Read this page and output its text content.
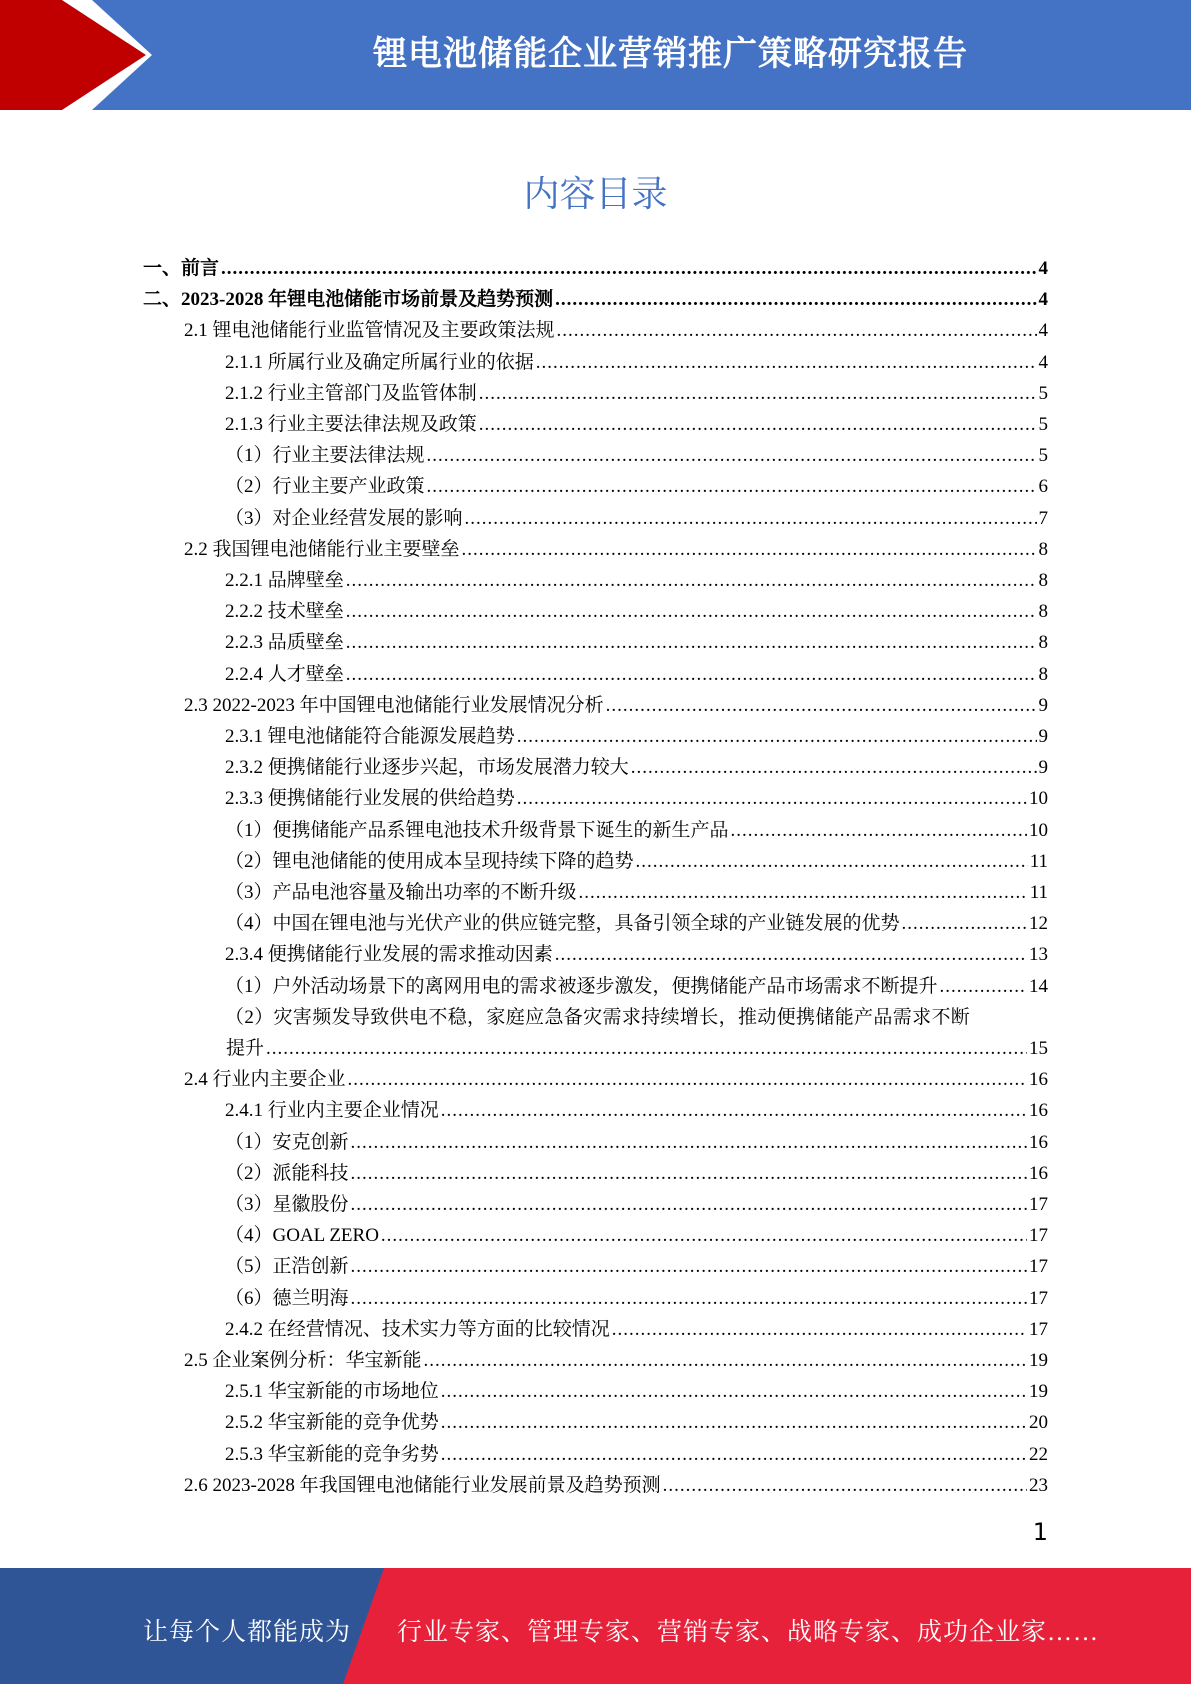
锂电池储能企业营销推广策略研究报告
内容目录
一、前言 .....	4
二、2023-2028 年锂电池储能市场前景及趋势预测 .....	4
2.1 锂电池储能行业监管情况及主要政策法规 .....	4
2.1.1 所属行业及确定所属行业的依据 .....	4
2.1.2 行业主管部门及监管体制 .....	5
2.1.3 行业主要法律法规及政策 .....	5
（1）行业主要法律法规 .....	5
（2）行业主要产业政策 .....	6
（3）对企业经营发展的影响 .....	7
2.2 我国锂电池储能行业主要壁垒 .....	8
2.2.1 品牌壁垒 .....	8
2.2.2 技术壁垒 .....	8
2.2.3 品质壁垒 .....	8
2.2.4 人才壁垒 .....	8
2.3 2022-2023 年中国锂电池储能行业发展情况分析 .....	9
2.3.1 锂电池储能符合能源发展趋势 .....	9
2.3.2 便携储能行业逐步兴起，市场发展潜力较大 .....	9
2.3.3 便携储能行业发展的供给趋势 .....	10
（1）便携储能产品系锂电池技术升级背景下诞生的新生产品 .....	10
（2）锂电池储能的使用成本呈现持续下降的趋势 .....	11
（3）产品电池容量及输出功率的不断升级 .....	11
（4）中国在锂电池与光伏产业的供应链完整，具备引领全球的产业链发展的优势 .....	12
2.3.4 便携储能行业发展的需求推动因素 .....	13
（1）户外活动场景下的离网用电的需求被逐步激发，便携储能产品市场需求不断提升 .....	14
（2）灾害频发导致供电不稳，家庭应急备灾需求持续增长，推动便携储能产品需求不断
提升 .....	15
2.4 行业内主要企业 .....	16
2.4.1 行业内主要企业情况 .....	16
（1）安克创新 .....	16
（2）派能科技 .....	16
（3）星徽股份 .....	17
（4）GOAL ZERO .....	17
（5）正浩创新 .....	17
（6）德兰明海 .....	17
2.4.2 在经营情况、技术实力等方面的比较情况 .....	17
2.5 企业案例分析：华宝新能 .....	19
2.5.1 华宝新能的市场地位 .....	19
2.5.2 华宝新能的竞争优势 .....	20
2.5.3 华宝新能的竞争劣势 .....	22
2.6 2023-2028 年我国锂电池储能行业发展前景及趋势预测 .....	23
1
让每个人都能成为 行业专家、管理专家、营销专家、战略专家、成功企业家……
